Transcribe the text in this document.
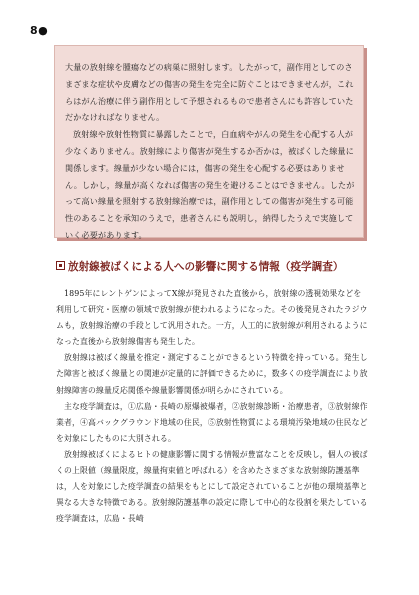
8●

大量の放射線を腫瘍などの病巣に照射します。したがって，副作用としてのさまざまな症状や皮膚などの傷害の発生を完全に防ぐことはできませんが，これらはがん治療に伴う副作用として予想されるもので患者さんにも許容していただかなければなりません。

放射線や放射性物質に暴露したことで，白血病やがんの発生を心配する人が少なくありません。放射線により傷害が発生するか否かは，被ばくした線量に関係します。線量が少ない場合には，傷害の発生を心配する必要はありません。しかし，線量が高くなれば傷害の発生を避けることはできません。したがって高い線量を照射する放射線治療では，副作用としての傷害が発生する可能性のあることを承知のうえで，患者さんにも説明し，納得したうえで実施していく必要があります。

放射線被ばくによる人への影響に関する情報（疫学調査）

1895年にレントゲンによってX線が発見された直後から，放射線の透視効果などを利用して研究・医療の領域で放射線が使われるようになった。その後発見されたラジウムも，放射線治療の手段として汎用された。一方，人工的に放射線が利用されるようになった直後から放射線傷害も発生した。

放射線は被ばく線量を推定・測定することができるという特徴を持っている。発生した障害と被ばく線量との関連が定量的に評価できるために，数多くの疫学調査により放射線障害の線量反応関係や線量影響関係が明らかにされている。

主な疫学調査は，①広島・長崎の原爆被爆者，②放射線診断・治療患者，③放射線作業者，④高バックグラウンド地域の住民，⑤放射性物質による環境汚染地域の住民などを対象にしたものに大別される。

放射線被ばくによるヒトの健康影響に関する情報が豊富なことを反映し，個人の被ばくの上限値（線量限度，線量拘束値と呼ばれる）を含めたさまざまな放射線防護基準は，人を対象にした疫学調査の結果をもとにして設定されていることが他の環境基準と異なる大きな特徴である。放射線防護基準の設定に際して中心的な役割を果たしている疫学調査は，広島・長崎
